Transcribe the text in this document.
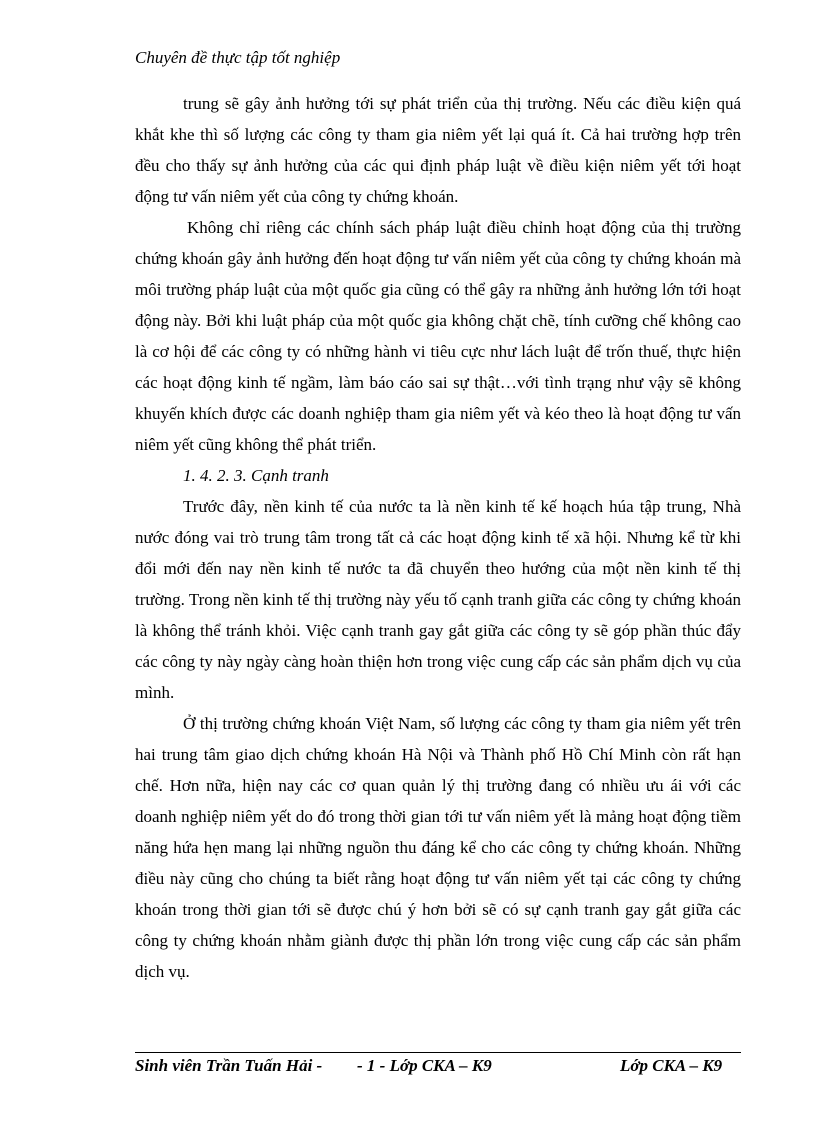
Chuyên đề thực tập tốt nghiệp

trung sẽ gây ảnh hưởng tới sự phát triển của thị trường. Nếu các điều kiện quá khắt khe thì số lượng các công ty tham gia niêm yết lại quá ít. Cả hai trường hợp trên đều cho thấy sự ảnh hưởng của các qui định pháp luật về điều kiện niêm yết tới hoạt động tư vấn niêm yết của công ty chứng khoán.

Không chỉ riêng các chính sách pháp luật điều chỉnh hoạt động của thị trường chứng khoán gây ảnh hưởng đến hoạt động tư vấn niêm yết của công ty chứng khoán mà môi trường pháp luật của một quốc gia cũng có thể gây ra những ảnh hưởng lớn tới hoạt động này. Bởi khi luật pháp của một quốc gia không chặt chẽ, tính cưỡng chế không cao là cơ hội để các công ty có những hành vi tiêu cực như lách luật để trốn thuế, thực hiện các hoạt động kinh tế ngầm, làm báo cáo sai sự thật…với tình trạng như vậy sẽ không khuyến khích được các doanh nghiệp tham gia niêm yết và kéo theo là hoạt động tư vấn niêm yết cũng không thể phát triển.

1. 4. 2. 3. Cạnh tranh

Trước đây, nền kinh tế của nước ta là nền kinh tế kế hoạch húa tập trung, Nhà nước đóng vai trò trung tâm trong tất cả các hoạt động kinh tế xã hội. Nhưng kể từ khi đổi mới đến nay nền kinh tế nước ta đã chuyển theo hướng của một nền kinh tế thị trường. Trong nền kinh tế thị trường này yếu tố cạnh tranh giữa các công ty chứng khoán là không thể tránh khỏi. Việc cạnh tranh gay gắt giữa các công ty sẽ góp phần thúc đẩy các công ty này ngày càng hoàn thiện hơn trong việc cung cấp các sản phẩm dịch vụ của mình.

Ở thị trường chứng khoán Việt Nam, số lượng các công ty tham gia niêm yết trên hai trung tâm giao dịch chứng khoán Hà Nội và Thành phố Hồ Chí Minh còn rất hạn chế. Hơn nữa, hiện nay các cơ quan quản lý thị trường đang có nhiều ưu ái với các doanh nghiệp niêm yết do đó trong thời gian tới tư vấn niêm yết là mảng hoạt động tiềm năng hứa hẹn mang lại những nguồn thu đáng kể cho các công ty chứng khoán. Những điều này cũng cho chúng ta biết rằng hoạt động tư vấn niêm yết tại các công ty chứng khoán trong thời gian tới sẽ được chú ý hơn bởi sẽ có sự cạnh tranh gay gắt giữa các công ty chứng khoán nhằm giành được thị phần lớn trong việc cung cấp các sản phẩm dịch vụ.

Sinh viên Trần Tuấn Hải - - 1 - Lớp CKA – K9	Lớp CKA – K9
